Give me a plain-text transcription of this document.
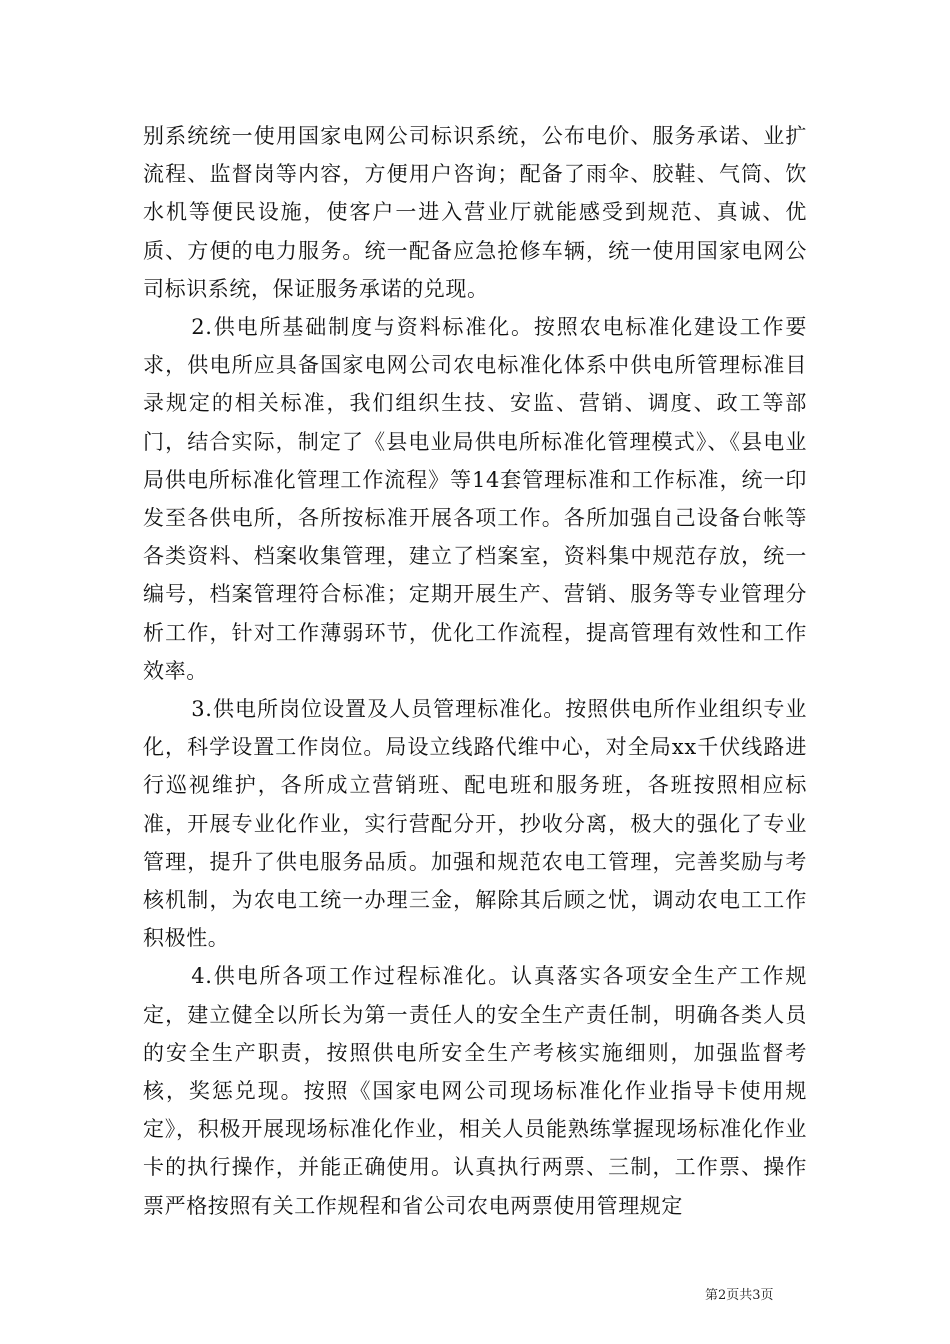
别系统统一使用国家电网公司标识系统，公布电价、服务承诺、业扩流程、监督岗等内容，方便用户咨询；配备了雨伞、胶鞋、气筒、饮水机等便民设施，使客户一进入营业厅就能感受到规范、真诚、优质、方便的电力服务。统一配备应急抢修车辆，统一使用国家电网公司标识系统，保证服务承诺的兑现。

2.供电所基础制度与资料标准化。按照农电标准化建设工作要求，供电所应具备国家电网公司农电标准化体系中供电所管理标准目录规定的相关标准，我们组织生技、安监、营销、调度、政工等部门，结合实际，制定了《县电业局供电所标准化管理模式》、《县电业局供电所标准化管理工作流程》等14套管理标准和工作标准，统一印发至各供电所，各所按标准开展各项工作。各所加强自己设备台帐等各类资料、档案收集管理，建立了档案室，资料集中规范存放，统一编号，档案管理符合标准；定期开展生产、营销、服务等专业管理分析工作，针对工作薄弱环节，优化工作流程，提高管理有效性和工作效率。

3.供电所岗位设置及人员管理标准化。按照供电所作业组织专业化，科学设置工作岗位。局设立线路代维中心，对全局xx千伏线路进行巡视维护，各所成立营销班、配电班和服务班，各班按照相应标准，开展专业化作业，实行营配分开，抄收分离，极大的强化了专业管理，提升了供电服务品质。加强和规范农电工管理，完善奖励与考核机制，为农电工统一办理三金，解除其后顾之忧，调动农电工工作积极性。

4.供电所各项工作过程标准化。认真落实各项安全生产工作规定，建立健全以所长为第一责任人的安全生产责任制，明确各类人员的安全生产职责，按照供电所安全生产考核实施细则，加强监督考核，奖惩兑现。按照《国家电网公司现场标准化作业指导卡使用规定》，积极开展现场标准化作业，相关人员能熟练掌握现场标准化作业卡的执行操作，并能正确使用。认真执行两票、三制，工作票、操作票严格按照有关工作规程和省公司农电两票使用管理规定

第2页共3页
